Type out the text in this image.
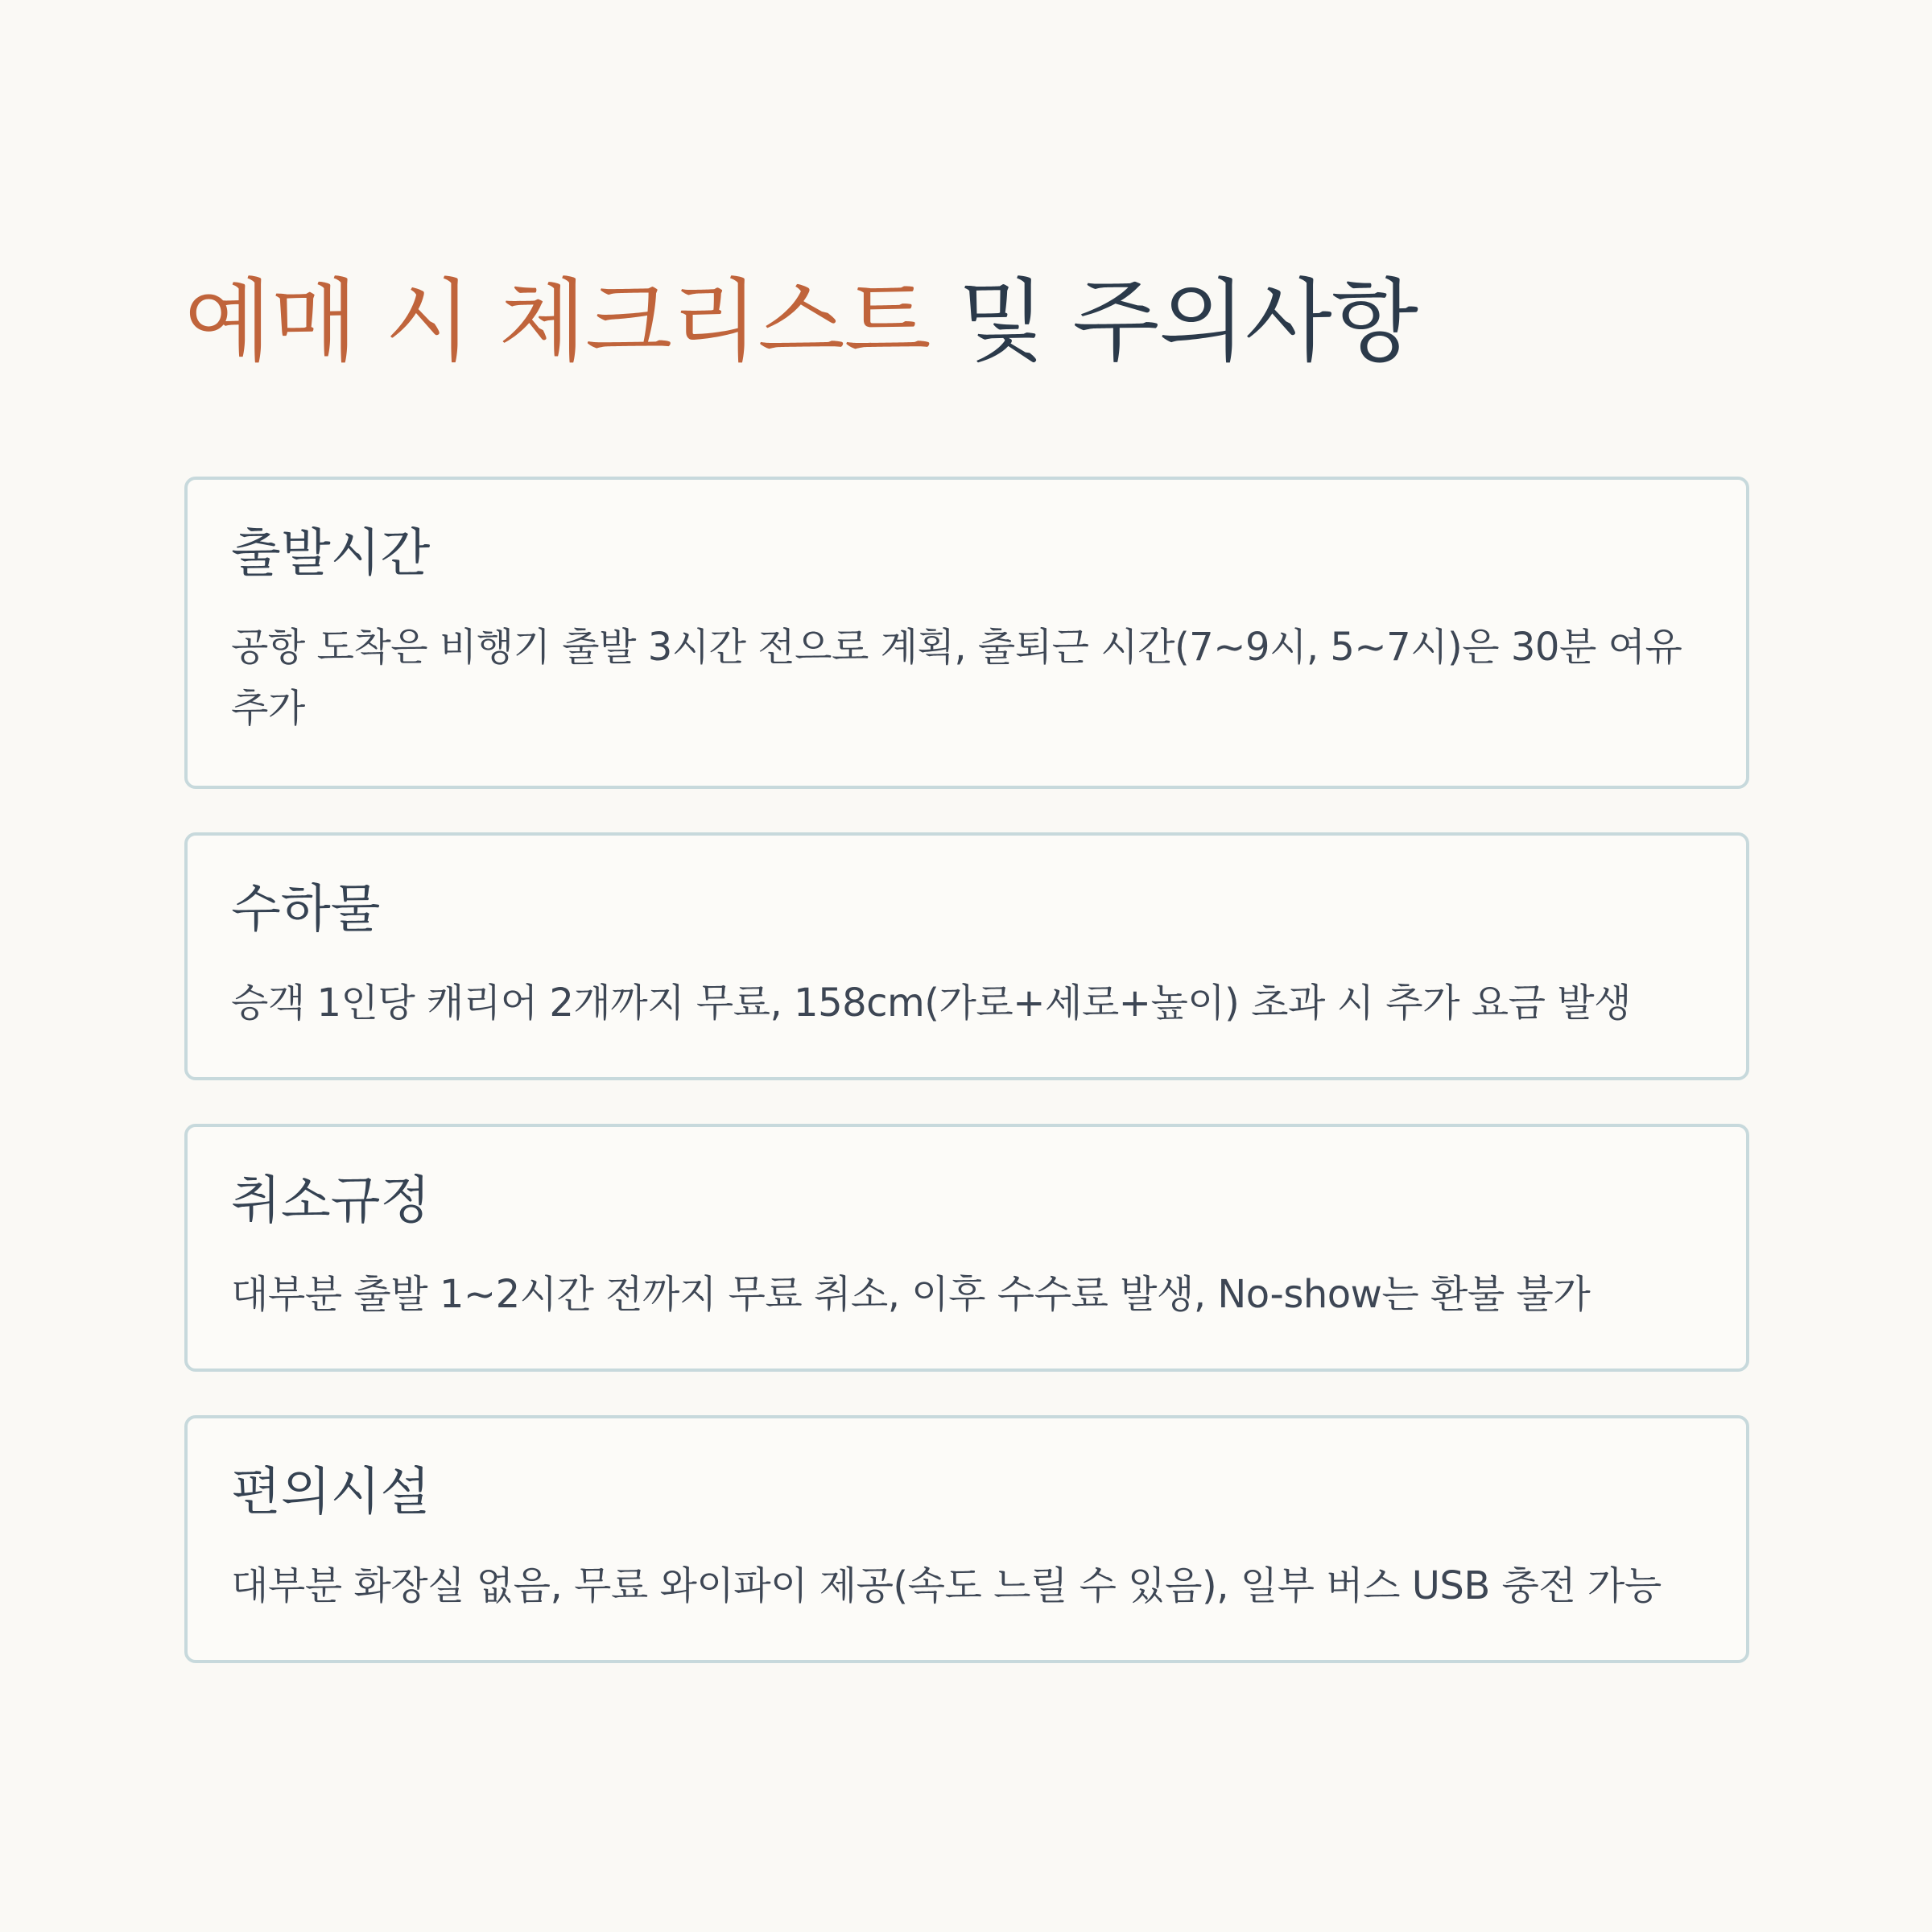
예매 시 체크리스트 및 주의사항
출발시간

공항 도착은 비행기 출발 3시간 전으로 계획, 출퇴근 시간(7~9시, 5~7시)은 30분 여유 추가

수하물

승객 1인당 캐리어 2개까지 무료, 158cm(가로+세로+높이) 초과 시 추가 요금 발생

취소규정

대부분 출발 1~2시간 전까지 무료 취소, 이후 수수료 발생, No-show는 환불 불가

편의시설

대부분 화장실 없음, 무료 와이파이 제공(속도 느릴 수 있음), 일부 버스 USB 충전 가능
